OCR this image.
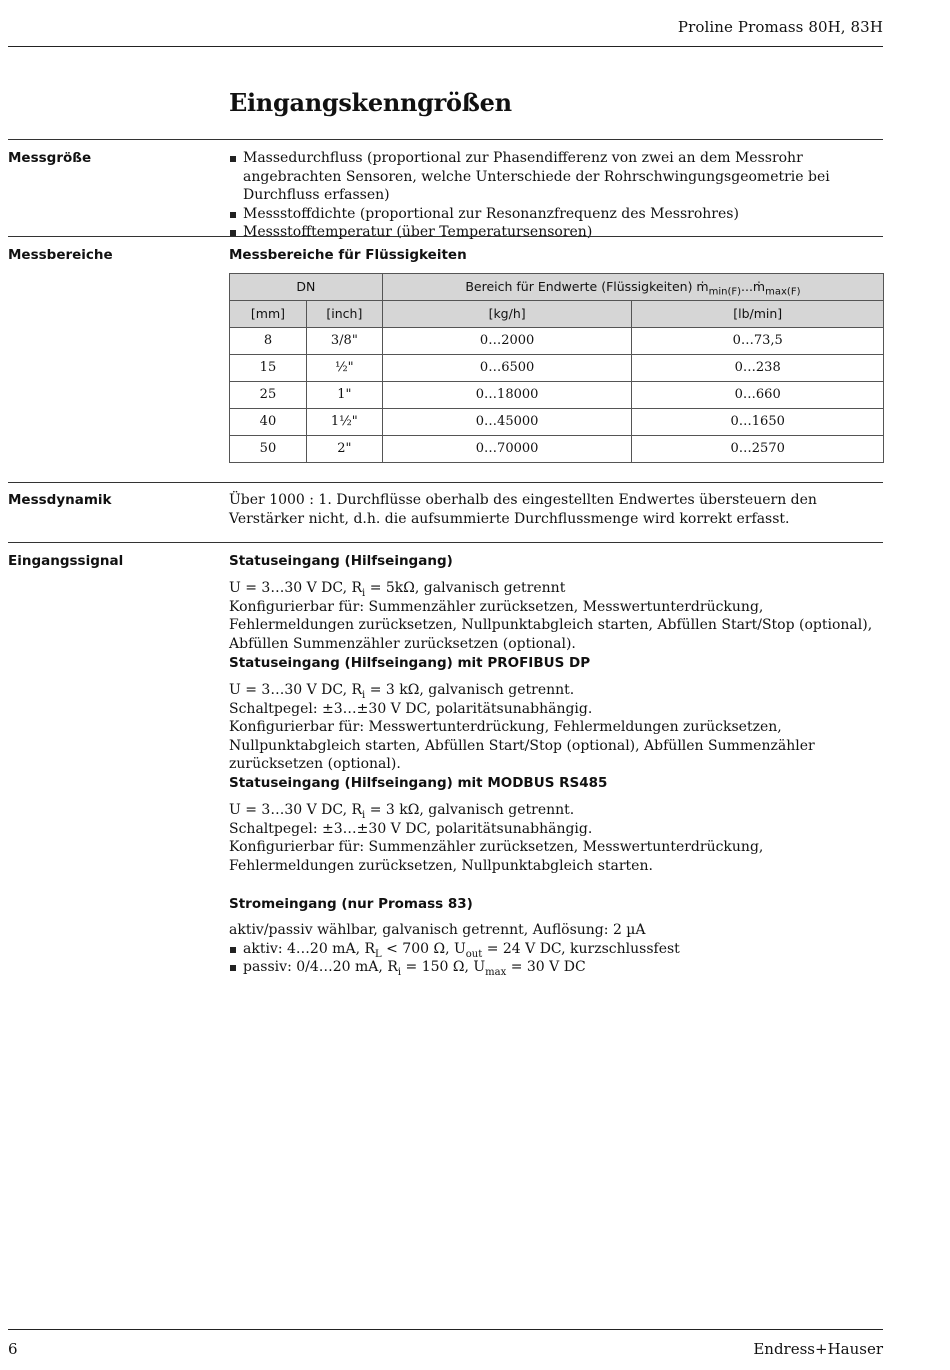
Proline Promass 80H, 83H
Eingangskenngrößen
Messgröße	Massedurchfluss (proportional zur Phasendifferenz von zwei an dem Messrohr angebrachten Sensoren, welche Unterschiede der Rohrschwingungsgeometrie bei Durchfluss erfassen)
Messstoffdichte (proportional zur Resonanzfrequenz des Messrohres)
Messstofftemperatur (über Temperatursensoren)
Messbereiche	Messbereiche für Flüssigkeiten
DN		Bereich für Endwerte (Flüssigkeiten) ṁ$_{min(F)}$...ṁ$_{max(F)}$
[mm]	[inch]	[kg/h]	[lb/min]
8	3/8"	0…2000	0…73,5
15	½"	0…6500	0…238
25	1"	0…18000	0…660
40	1½"	0…45000	0…1650
50	2"	0…70000	0…2570
Messdynamik	Über 1000 : 1. Durchflüsse oberhalb des eingestellten Endwertes übersteuern den Verstärker nicht, d.h. die aufsummierte Durchflussmenge wird korrekt erfasst.
Eingangssignal	Statuseingang (Hilfseingang)

U = 3…30 V DC, $R_i = 5k\Omega$, galvanisch getrennt

Konfigurierbar für: Summenzähler zurücksetzen, Messwertunterdrückung, Fehlermeldungen zurücksetzen, Nullpunktabgleich starten, Abfüllen Start/Stop (optional), Abfüllen Summenzähler zurücksetzen (optional).

Statuseingang (Hilfseingang) mit PROFIBUS DP

U = 3…30 V DC, $R_i = 3$ kΩ, galvanisch getrennt.

Schaltpegel: ±3…±30 V DC, polaritätsunabhängig.

Konfigurierbar für: Messwertunterdrückung, Fehlermeldungen zurücksetzen, Nullpunktabgleich starten, Abfüllen Start/Stop (optional), Abfüllen Summenzähler zurücksetzen (optional).

Statuseingang (Hilfseingang) mit MODBUS RS485

U = 3…30 V DC, $R_i = 3$ kΩ, galvanisch getrennt.

Schaltpegel: ±3…±30 V DC, polaritätsunabhängig.

Konfigurierbar für: Summenzähler zurücksetzen, Messwertunterdrückung, Fehlermeldungen zurücksetzen, Nullpunktabgleich starten.

Stromeingang (nur Promass 83)

aktiv/passiv wählbar, galvanisch getrennt, Auflösung: 2 µA

aktiv: 4…20 mA, $R_L < 700$ Ω, $U_{out} = 24$ V DC, kurzschlussfest
passiv: 0/4…20 mA, $R_i = 150$ Ω, $U_{max} = 30$ V DC
6	Endress+Hauser
